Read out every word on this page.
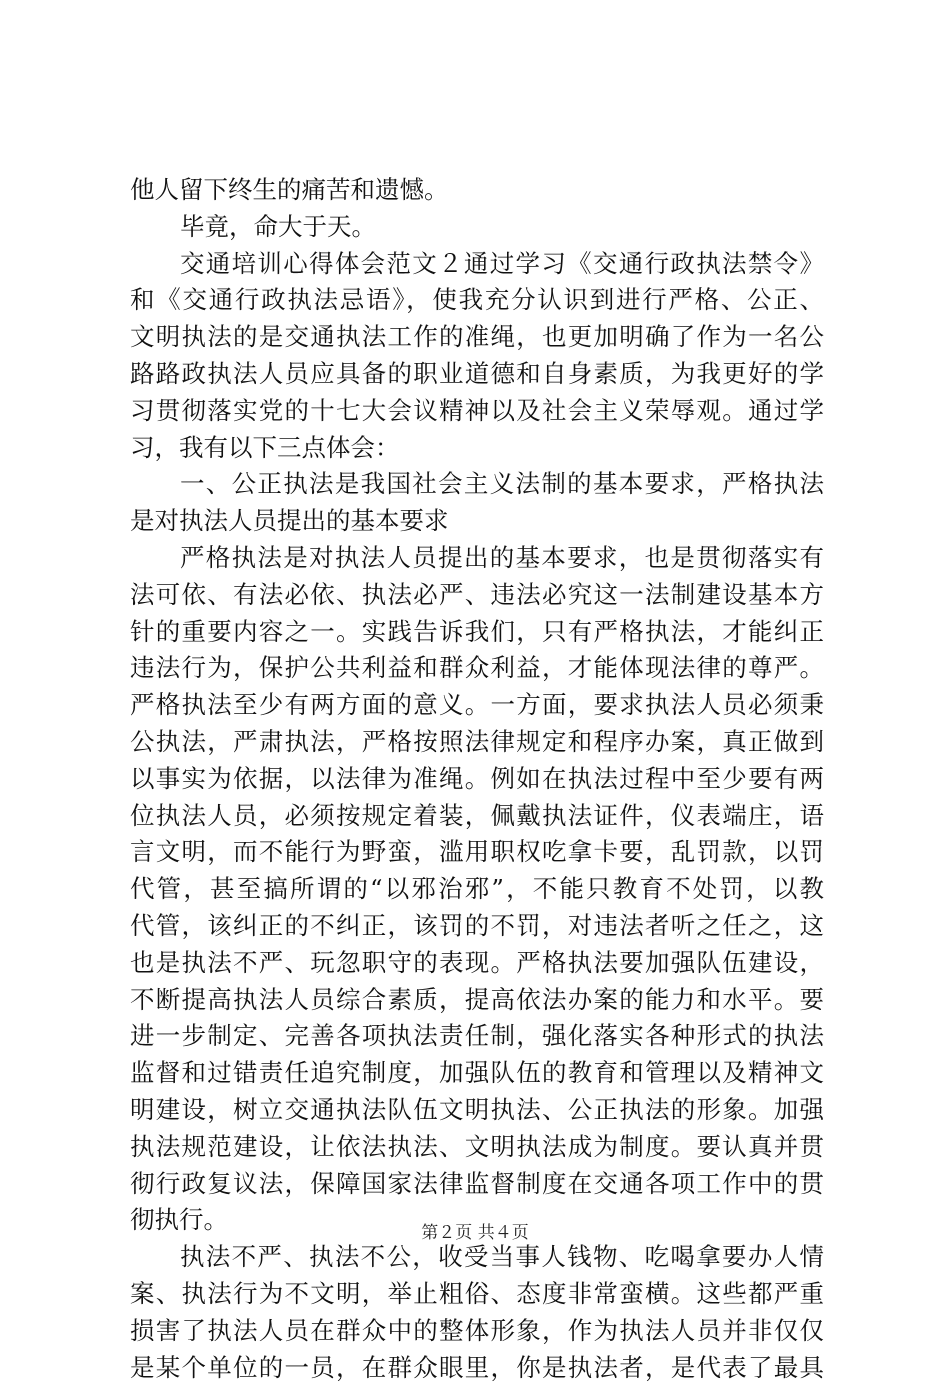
他人留下终生的痛苦和遗憾。
毕竟，命大于天。
交通培训心得体会范文２通过学习《交通行政执法禁令》
和《交通行政执法忌语》，使我充分认识到进行严格、公正、
文明执法的是交通执法工作的准绳，也更加明确了作为一名公
路路政执法人员应具备的职业道德和自身素质，为我更好的学
习贯彻落实党的十七大会议精神以及社会主义荣辱观。通过学
习，我有以下三点体会：
一、公正执法是我国社会主义法制的基本要求，严格执法
是对执法人员提出的基本要求
严格执法是对执法人员提出的基本要求，也是贯彻落实有
法可依、有法必依、执法必严、违法必究这一法制建设基本方
针的重要内容之一。实践告诉我们，只有严格执法，才能纠正
违法行为，保护公共利益和群众利益，才能体现法律的尊严。
严格执法至少有两方面的意义。一方面，要求执法人员必须秉
公执法，严肃执法，严格按照法律规定和程序办案，真正做到
以事实为依据，以法律为准绳。例如在执法过程中至少要有两
位执法人员，必须按规定着装，佩戴执法证件，仪表端庄，语
言文明，而不能行为野蛮，滥用职权吃拿卡要，乱罚款，以罚
代管，甚至搞所谓的“以邪治邪”，不能只教育不处罚，以教
代管，该纠正的不纠正，该罚的不罚，对违法者听之任之，这
也是执法不严、玩忽职守的表现。严格执法要加强队伍建设，
不断提高执法人员综合素质，提高依法办案的能力和水平。要
进一步制定、完善各项执法责任制，强化落实各种形式的执法
监督和过错责任追究制度，加强队伍的教育和管理以及精神文
明建设，树立交通执法队伍文明执法、公正执法的形象。加强
执法规范建设，让依法执法、文明执法成为制度。要认真并贯
彻行政复议法，保障国家法律监督制度在交通各项工作中的贯
彻执行。
执法不严、执法不公，收受当事人钱物、吃喝拿要办人情
案、执法行为不文明，举止粗俗、态度非常蛮横。这些都严重
损害了执法人员在群众中的整体形象，作为执法人员并非仅仅
是某个单位的一员，在群众眼里，你是执法者，是代表了最具
第２页 共４页
